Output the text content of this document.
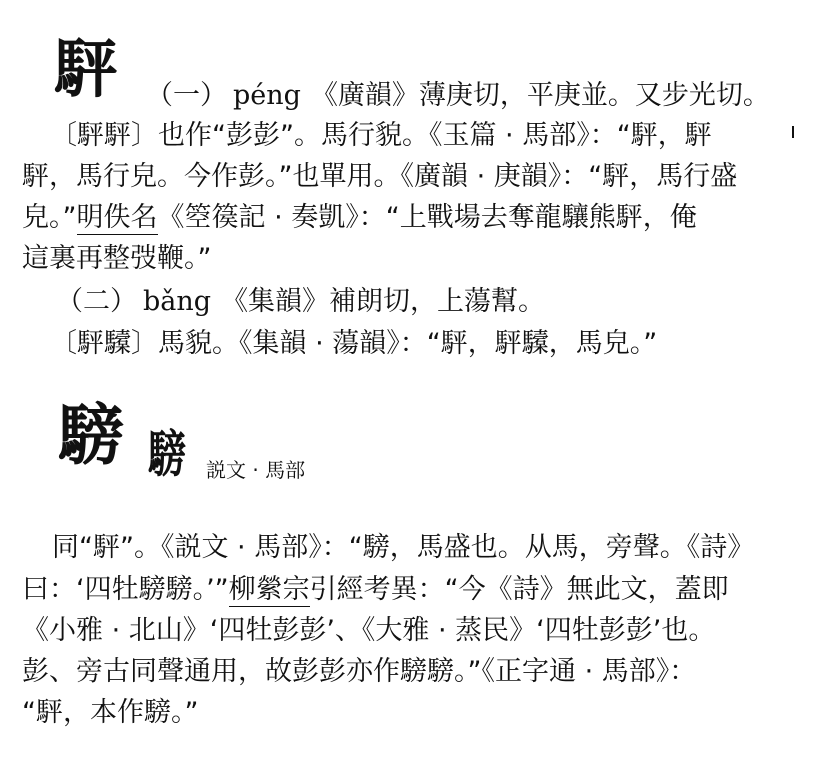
駍 （一） péng 《廣韻》薄庚切，平庚並。又步光切。
〔駍駍〕也作“彭彭”。馬行貌。《玉篇 · 馬部》：“駍，駍
駍，馬行皃。今作彭。”也單用。《廣韻 · 庚韻》：“駍，馬行盛
皃。”明佚名《箜篌記 · 奏凱》：“上戰場去奪龍驤熊駍，俺
這裏再整弢鞭。”
（二） bǎng 《集韻》補朗切，上蕩幫。
〔駍驝〕馬貌。《集韻 · 蕩韻》：“駍，駍驝，馬皃。”
騯 騯 説文 · 馬部
同“駍”。《説文 · 馬部》：“騯，馬盛也。从馬，旁聲。《詩》
曰：‘四牡騯騯。’”柳縈宗引經考異：“今《詩》無此文，蓋即
《小雅 · 北山》‘四牡彭彭’、《大雅 · 蒸民》‘四牡彭彭’也。
彭、旁古同聲通用，故彭彭亦作騯騯。”《正字通 · 馬部》：
“駍，本作騯。”
